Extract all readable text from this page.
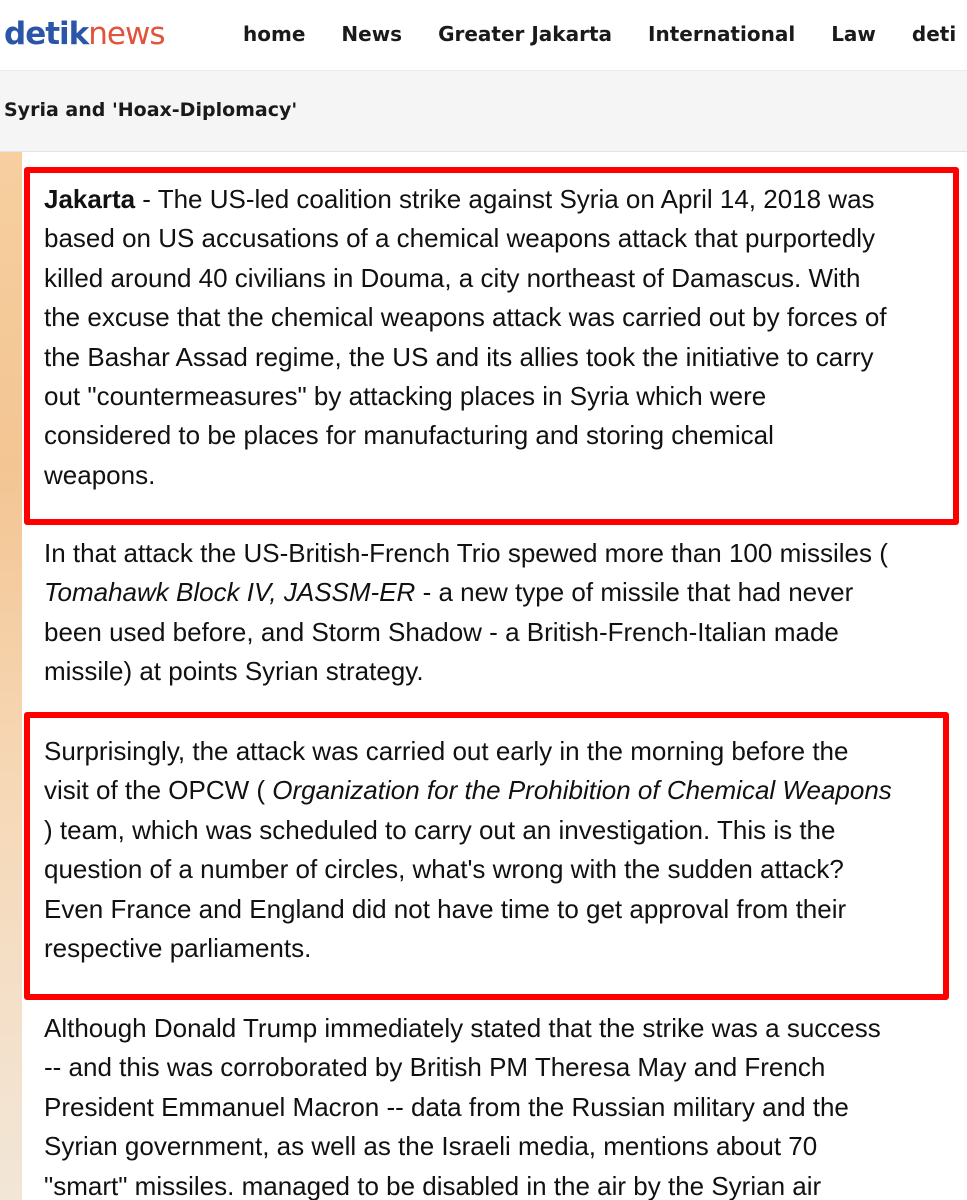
detiknews	home News Greater Jakarta International Law deti
Syria and 'Hoax-Diplomacy'

Jakarta - The US-led coalition strike against Syria on April 14, 2018 was
based on US accusations of a chemical weapons attack that purportedly
killed around 40 civilians in Douma, a city northeast of Damascus. With
the excuse that the chemical weapons attack was carried out by forces of
the Bashar Assad regime, the US and its allies took the initiative to carry
out "countermeasures" by attacking places in Syria which were
considered to be places for manufacturing and storing chemical
weapons.

In that attack the US-British-French Trio spewed more than 100 missiles (
Tomahawk Block IV, JASSM-ER - a new type of missile that had never
been used before, and Storm Shadow - a British-French-Italian made
missile) at points Syrian strategy.

Surprisingly, the attack was carried out early in the morning before the
visit of the OPCW ( Organization for the Prohibition of Chemical Weapons
) team, which was scheduled to carry out an investigation. This is the
question of a number of circles, what's wrong with the sudden attack?
Even France and England did not have time to get approval from their
respective parliaments.

Although Donald Trump immediately stated that the strike was a success
-- and this was corroborated by British PM Theresa May and French
President Emmanuel Macron -- data from the Russian military and the
Syrian government, as well as the Israeli media, mentions about 70
"smart" missiles. managed to be disabled in the air by the Syrian air
